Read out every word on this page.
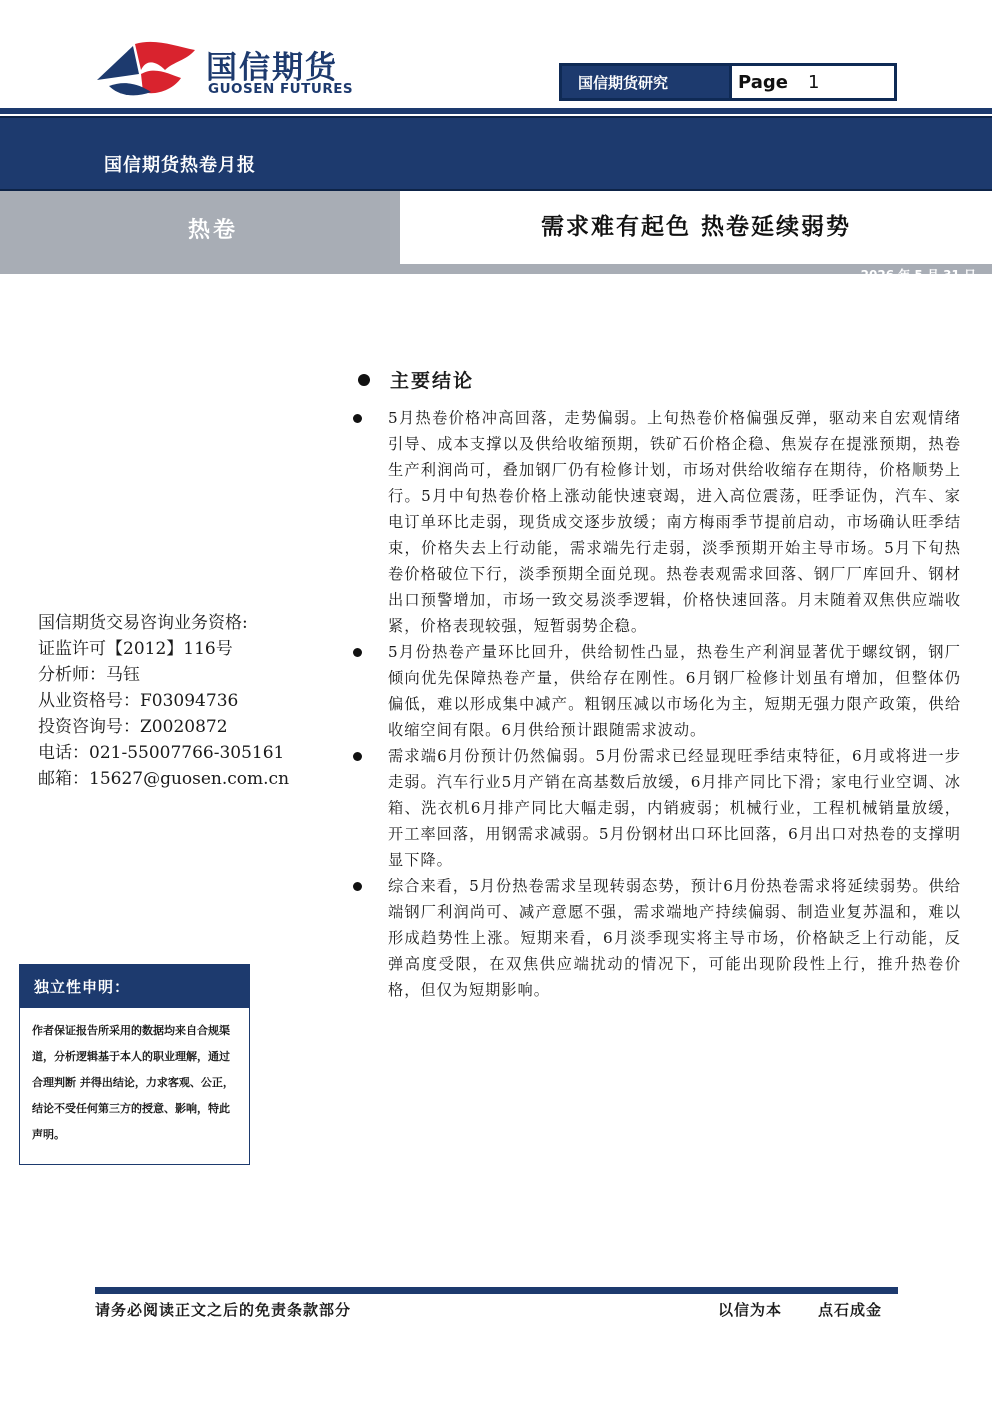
国信期货
GUOSEN FUTURES	国信期货研究	Page 1
国信期货热卷月报
热卷	需求难有起色 热卷延续弱势
2026 年 5 月 31 日
主要结论

5月热卷价格冲高回落，走势偏弱。上旬热卷价格偏强反弹，驱动来自宏观情绪引导、成本支撑以及供给收缩预期，铁矿石价格企稳、焦炭存在提涨预期，热卷生产利润尚可，叠加钢厂仍有检修计划，市场对供给收缩存在期待，价格顺势上行。5月中旬热卷价格上涨动能快速衰竭，进入高位震荡，旺季证伪，汽车、家电订单环比走弱，现货成交逐步放缓；南方梅雨季节提前启动，市场确认旺季结束，价格失去上行动能，需求端先行走弱，淡季预期开始主导市场。5月下旬热卷价格破位下行，淡季预期全面兑现。热卷表观需求回落、钢厂厂库回升、钢材出口预警增加，市场一致交易淡季逻辑，价格快速回落。月末随着双焦供应端收紧，价格表现较强，短暂弱势企稳。

5月份热卷产量环比回升，供给韧性凸显，热卷生产利润显著优于螺纹钢，钢厂倾向优先保障热卷产量，供给存在刚性。6月钢厂检修计划虽有增加，但整体仍偏低，难以形成集中减产。粗钢压减以市场化为主，短期无强力限产政策，供给收缩空间有限。6月供给预计跟随需求波动。

需求端6月份预计仍然偏弱。5月份需求已经显现旺季结束特征，6月或将进一步走弱。汽车行业5月产销在高基数后放缓，6月排产同比下滑；家电行业空调、冰箱、洗衣机6月排产同比大幅走弱，内销疲弱；机械行业，工程机械销量放缓，开工率回落，用钢需求减弱。5月份钢材出口环比回落，6月出口对热卷的支撑明显下降。

综合来看，5月份热卷需求呈现转弱态势，预计6月份热卷需求将延续弱势。供给端钢厂利润尚可、减产意愿不强，需求端地产持续偏弱、制造业复苏温和，难以形成趋势性上涨。短期来看，6月淡季现实将主导市场，价格缺乏上行动能，反弹高度受限，在双焦供应端扰动的情况下，可能出现阶段性上行，推升热卷价格，但仅为短期影响。

国信期货交易咨询业务资格:
证监许可【2012】116号
分析师：马钰
从业资格号：F03094736
投资咨询号：Z0020872
电话：021-55007766-305161
邮箱：15627@guosen.com.cn
独立性申明：
作者保证报告所采用的数据均来自合规渠道，分析逻辑基于本人的职业理解，通过合理判断 并得出结论，力求客观、公正，结论不受任何第三方的授意、影响，特此声明。
请务必阅读正文之后的免责条款部分	以信为本 点石成金
